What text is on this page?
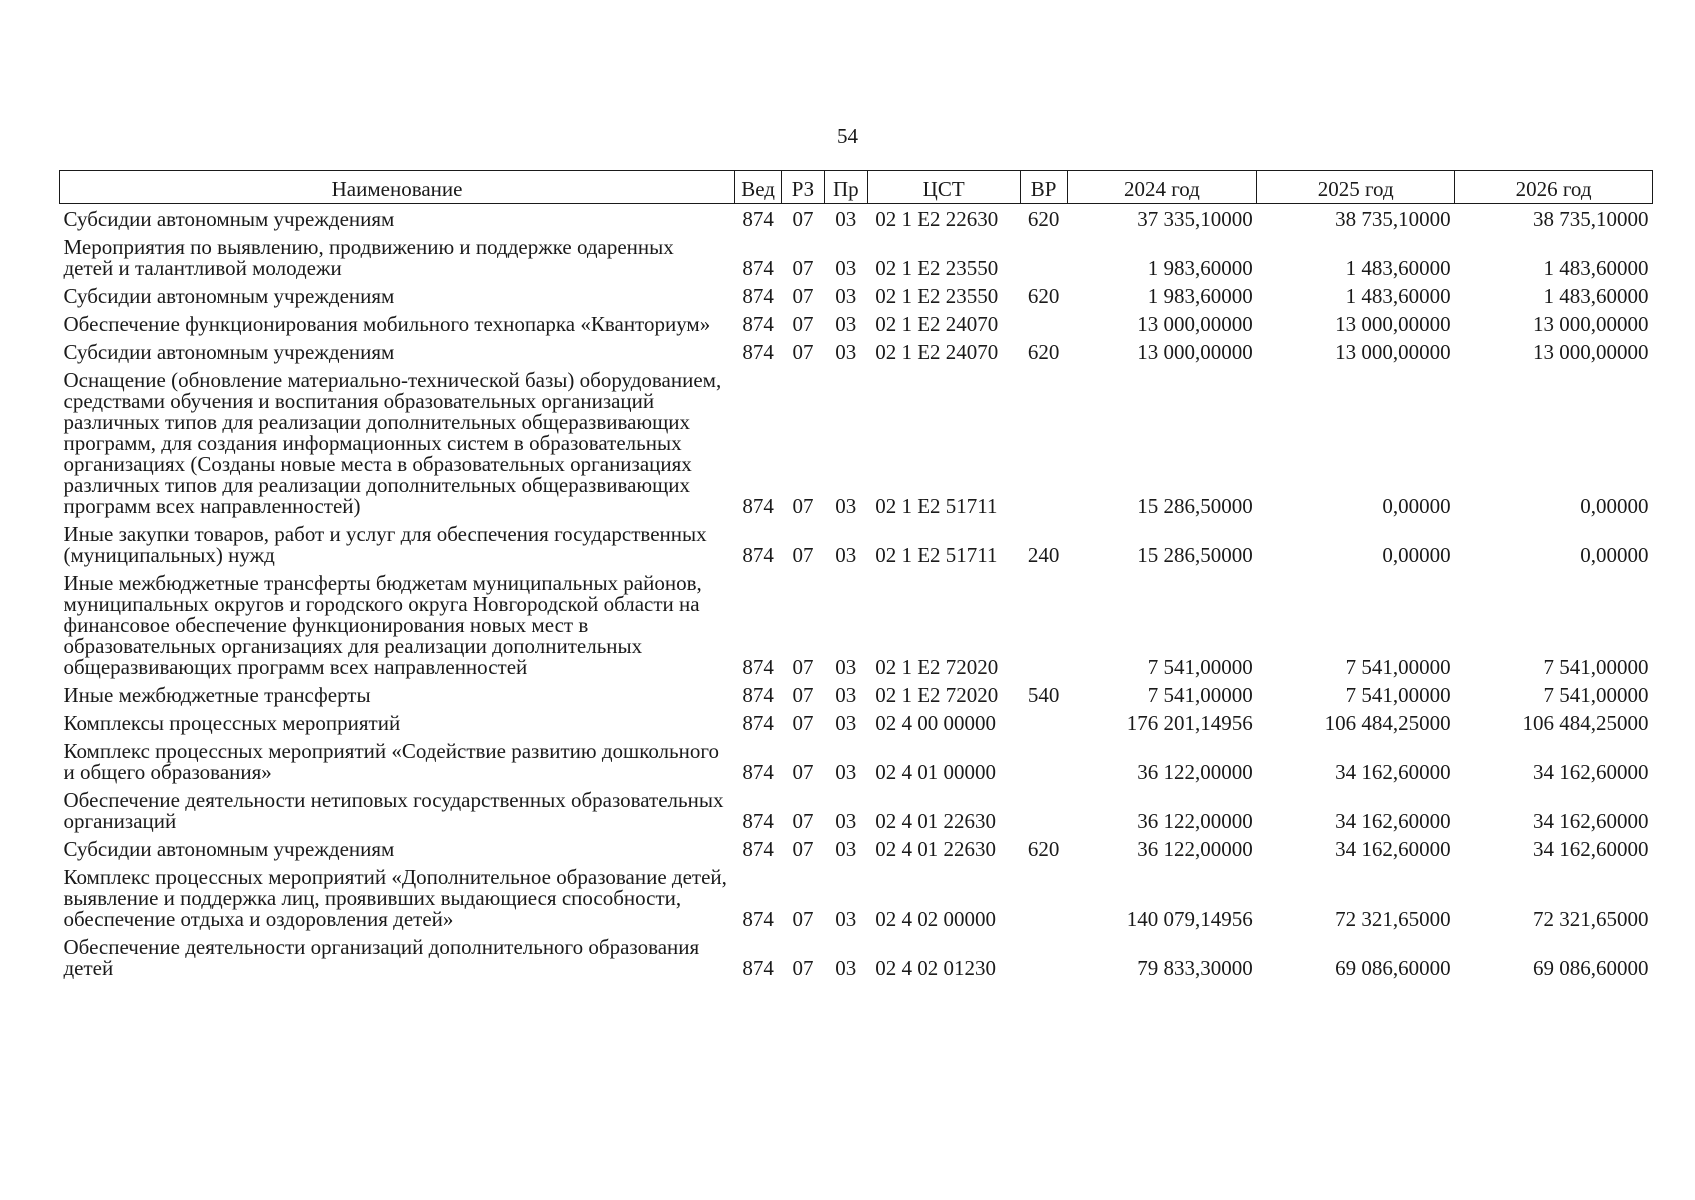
54
Наименование	Вед	РЗ	Пр	ЦСТ	ВР	2024 год	2025 год	2026 год
Субсидии автономным учреждениям	874	07	03	02 1 Е2 22630	620	37 335,10000	38 735,10000	38 735,10000
Мероприятия по выявлению, продвижению и поддержке одаренных детей и талантливой молодежи	874	07	03	02 1 Е2 23550		1 983,60000	1 483,60000	1 483,60000
Субсидии автономным учреждениям	874	07	03	02 1 Е2 23550	620	1 983,60000	1 483,60000	1 483,60000
Обеспечение функционирования мобильного технопарка «Кванториум»	874	07	03	02 1 Е2 24070		13 000,00000	13 000,00000	13 000,00000
Субсидии автономным учреждениям	874	07	03	02 1 Е2 24070	620	13 000,00000	13 000,00000	13 000,00000
Оснащение (обновление материально-технической базы) оборудованием, средствами обучения и воспитания образовательных организаций различных типов для реализации дополнительных общеразвивающих программ, для создания информационных систем в образовательных организациях (Созданы новые места в образовательных организациях различных типов для реализации дополнительных общеразвивающих программ всех направленностей)	874	07	03	02 1 Е2 51711		15 286,50000	0,00000	0,00000
Иные закупки товаров, работ и услуг для обеспечения государственных (муниципальных) нужд	874	07	03	02 1 Е2 51711	240	15 286,50000	0,00000	0,00000
Иные межбюджетные трансферты бюджетам муниципальных районов, муниципальных округов и городского округа Новгородской области на финансовое обеспечение функционирования новых мест в образовательных организациях для реализации дополнительных общеразвивающих программ всех направленностей	874	07	03	02 1 Е2 72020		7 541,00000	7 541,00000	7 541,00000
Иные межбюджетные трансферты	874	07	03	02 1 Е2 72020	540	7 541,00000	7 541,00000	7 541,00000
Комплексы процессных мероприятий	874	07	03	02 4 00 00000		176 201,14956	106 484,25000	106 484,25000
Комплекс процессных мероприятий «Содействие развитию дошкольного и общего образования»	874	07	03	02 4 01 00000		36 122,00000	34 162,60000	34 162,60000
Обеспечение деятельности нетиповых государственных образовательных организаций	874	07	03	02 4 01 22630		36 122,00000	34 162,60000	34 162,60000
Субсидии автономным учреждениям	874	07	03	02 4 01 22630	620	36 122,00000	34 162,60000	34 162,60000
Комплекс процессных мероприятий «Дополнительное образование детей, выявление и поддержка лиц, проявивших выдающиеся способности, обеспечение отдыха и оздоровления детей»	874	07	03	02 4 02 00000		140 079,14956	72 321,65000	72 321,65000
Обеспечение деятельности организаций дополнительного образования детей	874	07	03	02 4 02 01230		79 833,30000	69 086,60000	69 086,60000
